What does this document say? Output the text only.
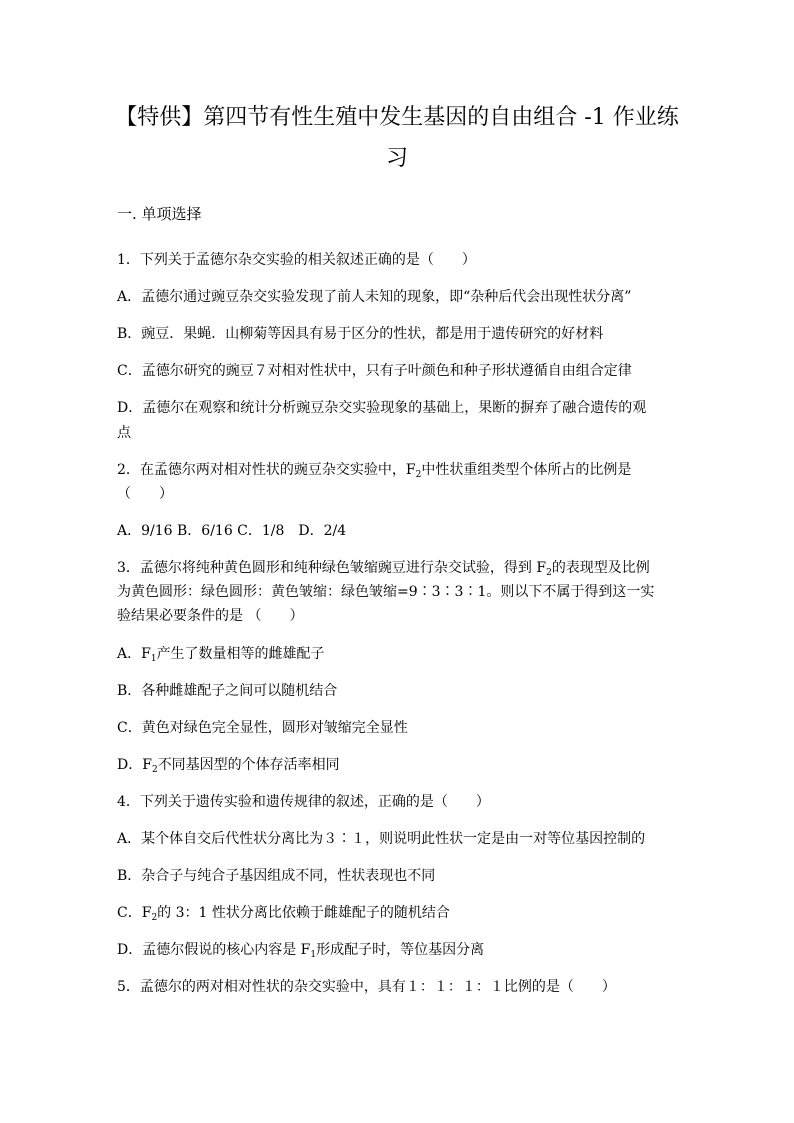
【特供】第四节有性生殖中发生基因的自由组合 -1 作业练
习
一. 单项选择
1．下列关于孟德尔杂交实验的相关叙述正确的是（　　）
A．孟德尔通过豌豆杂交实验发现了前人未知的现象，即“杂种后代会出现性状分离”
B．豌豆．果蝇．山柳菊等因具有易于区分的性状，都是用于遗传研究的好材料
C．孟德尔研究的豌豆７对相对性状中，只有子叶颜色和种子形状遵循自由组合定律
D．孟德尔在观察和统计分析豌豆杂交实验现象的基础上，果断的摒弃了融合遗传的观
点
2．在孟德尔两对相对性状的豌豆杂交实验中，$F_2$中性状重组类型个体所占的比例是
（　　）
A．9/16 B．6/16 C．1/8　D．2/4
3．孟德尔将纯种黄色圆形和纯种绿色皱缩豌豆进行杂交试验，得到 $F_2$的表现型及比例
为黄色圆形：绿色圆形：黄色皱缩：绿色皱缩=9∶3∶3∶1。则以下不属于得到这一实
验结果必要条件的是 （　　）
A．$F_1$产生了数量相等的雌雄配子
B．各种雌雄配子之间可以随机结合
C．黄色对绿色完全显性，圆形对皱缩完全显性
D．$F_2$不同基因型的个体存活率相同
4．下列关于遗传实验和遗传规律的叙述，正确的是（　　）
A．某个体自交后代性状分离比为３∶１，则说明此性状一定是由一对等位基因控制的
B．杂合子与纯合子基因组成不同，性状表现也不同
C．$F_2$的 3：1 性状分离比依赖于雌雄配子的随机结合
D．孟德尔假说的核心内容是 $F_1$形成配子时，等位基因分离
5．孟德尔的两对相对性状的杂交实验中，具有１：１：１：１比例的是（　　）
